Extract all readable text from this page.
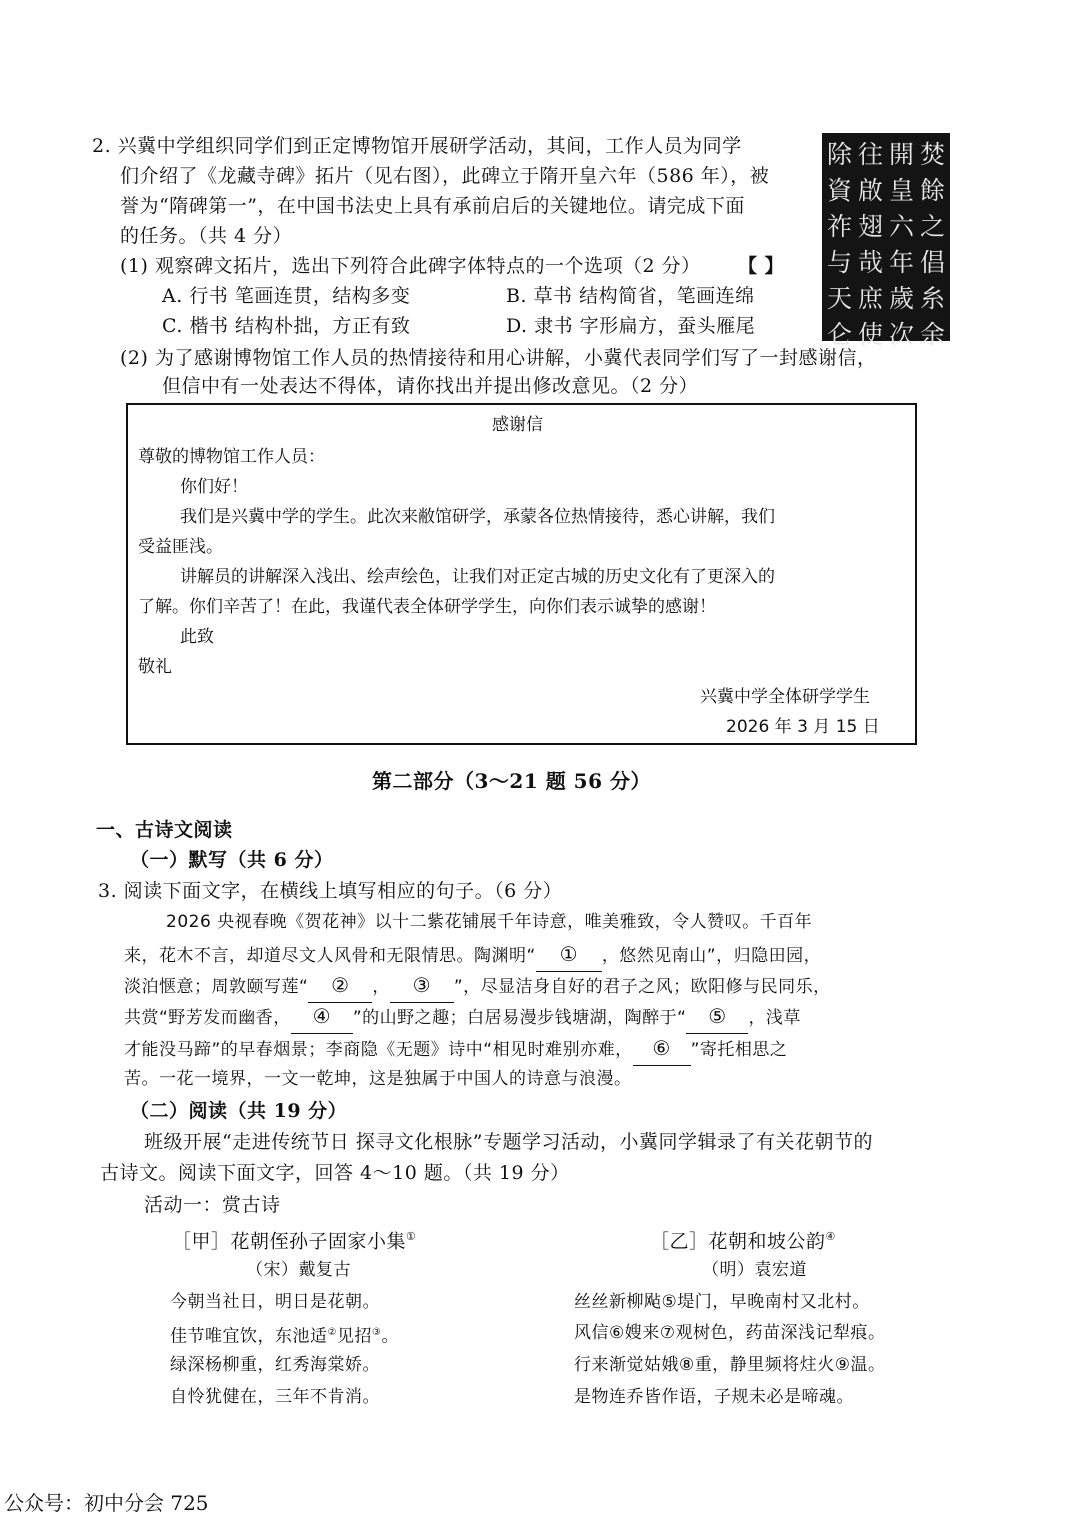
2. 兴冀中学组织同学们到正定博物馆开展研学活动，其间，工作人员为同学
们介绍了《龙藏寺碑》拓片（见右图），此碑立于隋开皇六年（586 年），被
誉为“隋碑第一”，在中国书法史上具有承前启后的关键地位。请完成下面
的任务。（共 4 分）
(1) 观察碑文拓片，选出下列符合此碑字体特点的一个选项（2 分） 【 】
A. 行书 笔画连贯，结构多变	B. 草书 结构简省，笔画连绵
C. 楷书 结构朴拙，方正有致	D. 隶书 字形扁方，蚕头雁尾
(2) 为了感谢博物馆工作人员的热情接待和用心讲解，小冀代表同学们写了一封感谢信，
但信中有一处表达不得体，请你找出并提出修改意见。（2 分）
除 往 開 焚
資 啟 皇 餘
祚 翅 六 之
与 哉 年 倡
天 庶 歲 糸
仑 使 次 余
感谢信
尊敬的博物馆工作人员：
你们好！
我们是兴冀中学的学生。此次来敝馆研学，承蒙各位热情接待，悉心讲解，我们
受益匪浅。
讲解员的讲解深入浅出、绘声绘色，让我们对正定古城的历史文化有了更深入的
了解。你们辛苦了！在此，我谨代表全体研学学生，向你们表示诚挚的感谢！
此致
敬礼
兴冀中学全体研学学生
2026 年 3 月 15 日
第二部分（3～21 题 56 分）
一、古诗文阅读
（一）默写（共 6 分）
3. 阅读下面文字，在横线上填写相应的句子。（6 分）
2026 央视春晚《贺花神》以十二紫花铺展千年诗意，唯美雅致，令人赞叹。千百年
来，花木不言，却道尽文人风骨和无限情思。陶渊明“ ① ，悠然见南山”，归隐田园，
淡泊惬意；周敦颐写莲“ ② ， ③ ”，尽显洁身自好的君子之风；欧阳修与民同乐，
共赏“野芳发而幽香， ④ ”的山野之趣；白居易漫步钱塘湖，陶醉于“ ⑤ ，浅草
才能没马蹄”的早春烟景；李商隐《无题》诗中“相见时难别亦难， ⑥ ”寄托相思之
苦。一花一境界，一文一乾坤，这是独属于中国人的诗意与浪漫。
（二）阅读（共 19 分）
班级开展“走进传统节日 探寻文化根脉”专题学习活动，小冀同学辑录了有关花朝节的
古诗文。阅读下面文字，回答 4～10 题。（共 19 分）
活动一：赏古诗
［甲］花朝侄孙子固家小集①
（宋）戴复古
今朝当社日，明日是花朝。
佳节唯宜饮，东池适②见招③。
绿深杨柳重，红秀海棠娇。
自怜犹健在，三年不肯消。
［乙］花朝和坡公韵④
（明）袁宏道
丝丝新柳飐⑤堤门，早晚南村又北村。
风信⑥嫂来⑦观树色，药苗深浅记犁痕。
行来渐觉姑娥⑧重，静里频将炷火⑨温。
是物连乔皆作语，子规未必是啼魂。
公众号：初中分会 725
